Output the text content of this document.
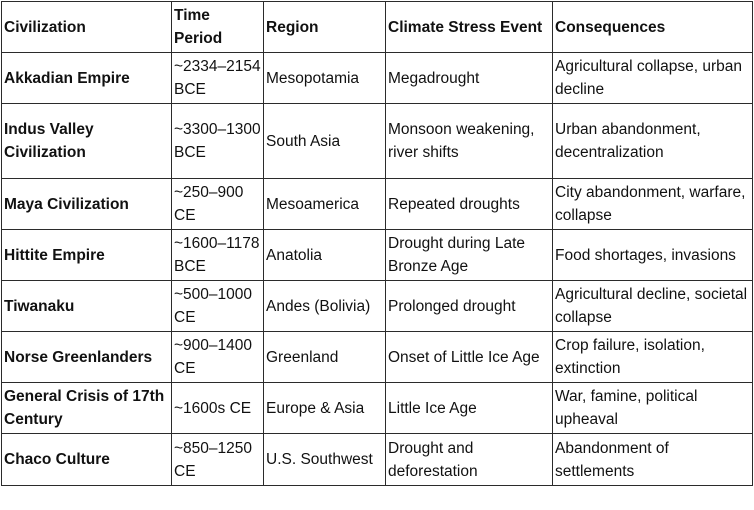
Civilization	Time Period	Region	Climate Stress Event	Consequences
Akkadian Empire	~2334–2154 BCE	Mesopotamia	Megadrought	Agricultural collapse, urban decline
Indus Valley Civilization	~3300–1300 BCE	South Asia	Monsoon weakening, river shifts	Urban abandonment, decentralization
Maya Civilization	~250–900 CE	Mesoamerica	Repeated droughts	City abandonment, warfare, collapse
Hittite Empire	~1600–1178 BCE	Anatolia	Drought during Late Bronze Age	Food shortages, invasions
Tiwanaku	~500–1000 CE	Andes (Bolivia)	Prolonged drought	Agricultural decline, societal collapse
Norse Greenlanders	~900–1400 CE	Greenland	Onset of Little Ice Age	Crop failure, isolation, extinction
General Crisis of 17th Century	~1600s CE	Europe & Asia	Little Ice Age	War, famine, political upheaval
Chaco Culture	~850–1250 CE	U.S. Southwest	Drought and deforestation	Abandonment of settlements
